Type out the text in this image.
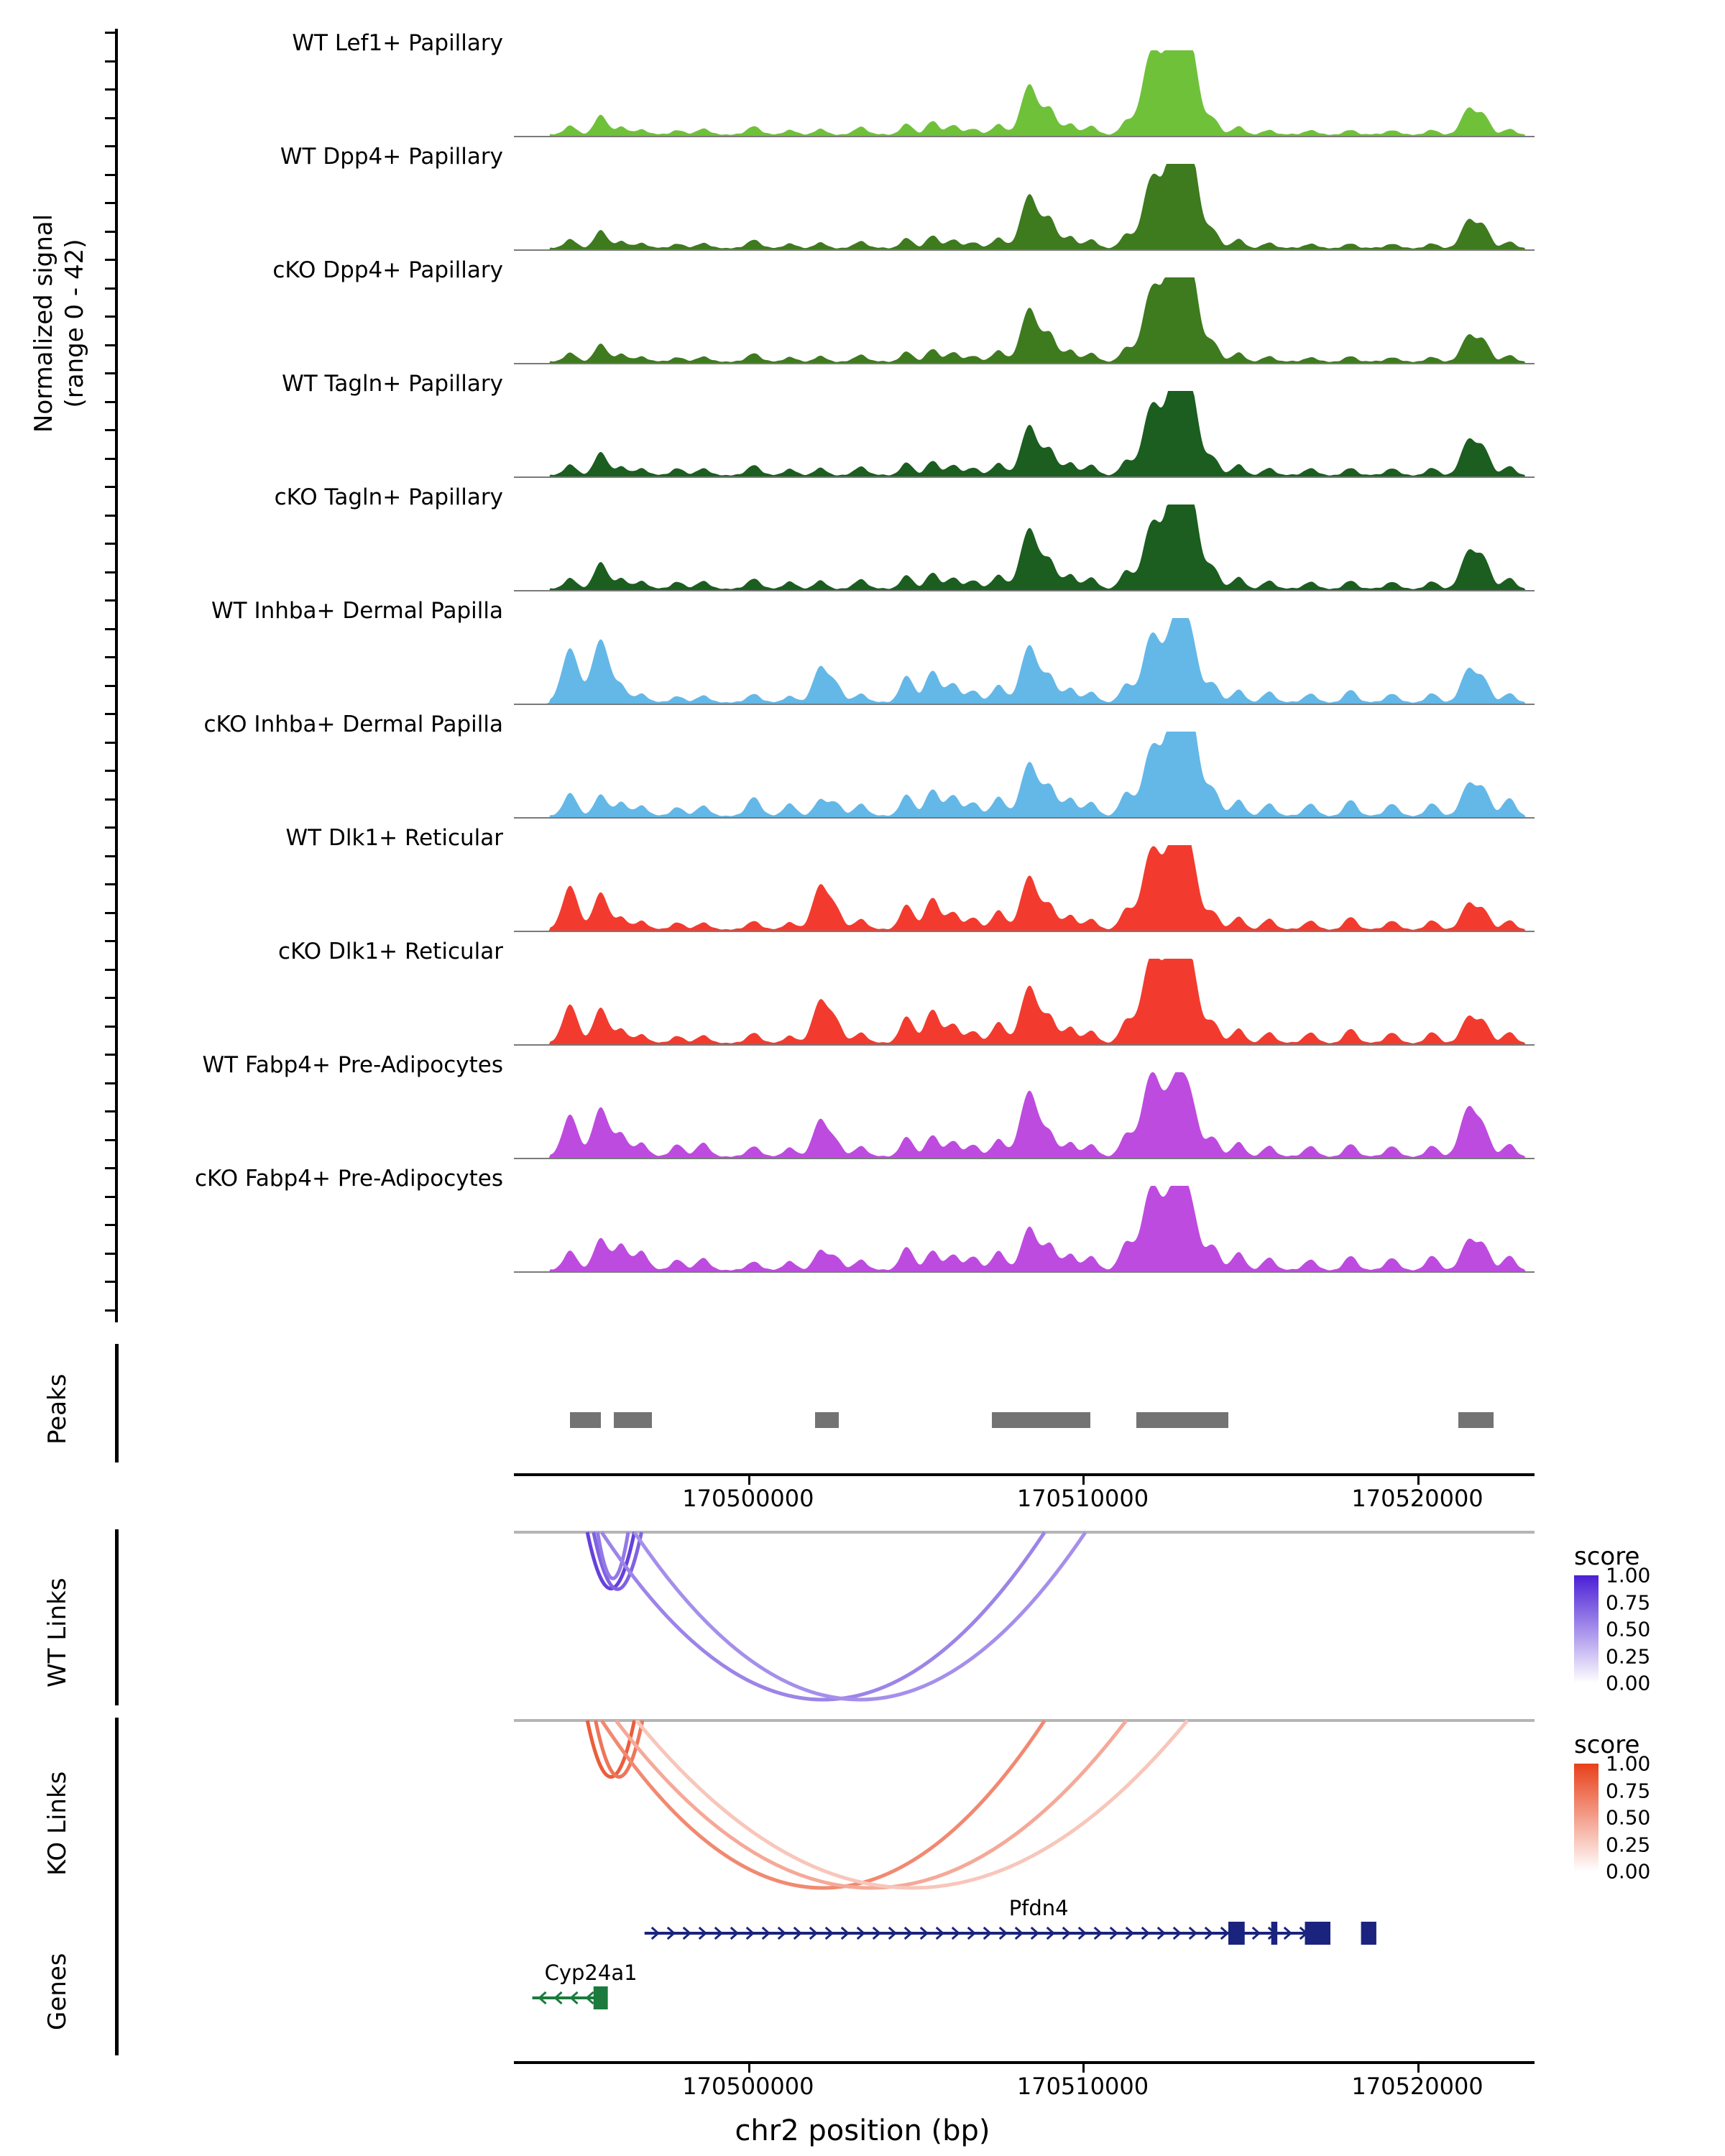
Normalized signal
(range 0 - 42)
WT Lef1+ Papillary
WT Dpp4+ Papillary
cKO Dpp4+ Papillary
WT Tagln+ Papillary
cKO Tagln+ Papillary
WT Inhba+ Dermal Papilla
cKO Inhba+ Dermal Papilla
WT Dlk1+ Reticular
cKO Dlk1+ Reticular
WT Fabp4+ Pre-Adipocytes
cKO Fabp4+ Pre-Adipocytes
Peaks
170500000	170510000	170520000
WT Links
score
1.00
0.75
0.50
0.25
0.00
KO Links
score
1.00
0.75
0.50
0.25
0.00
Genes
Pfdn4
Cyp24a1
170500000	170510000	170520000
chr2 position (bp)
